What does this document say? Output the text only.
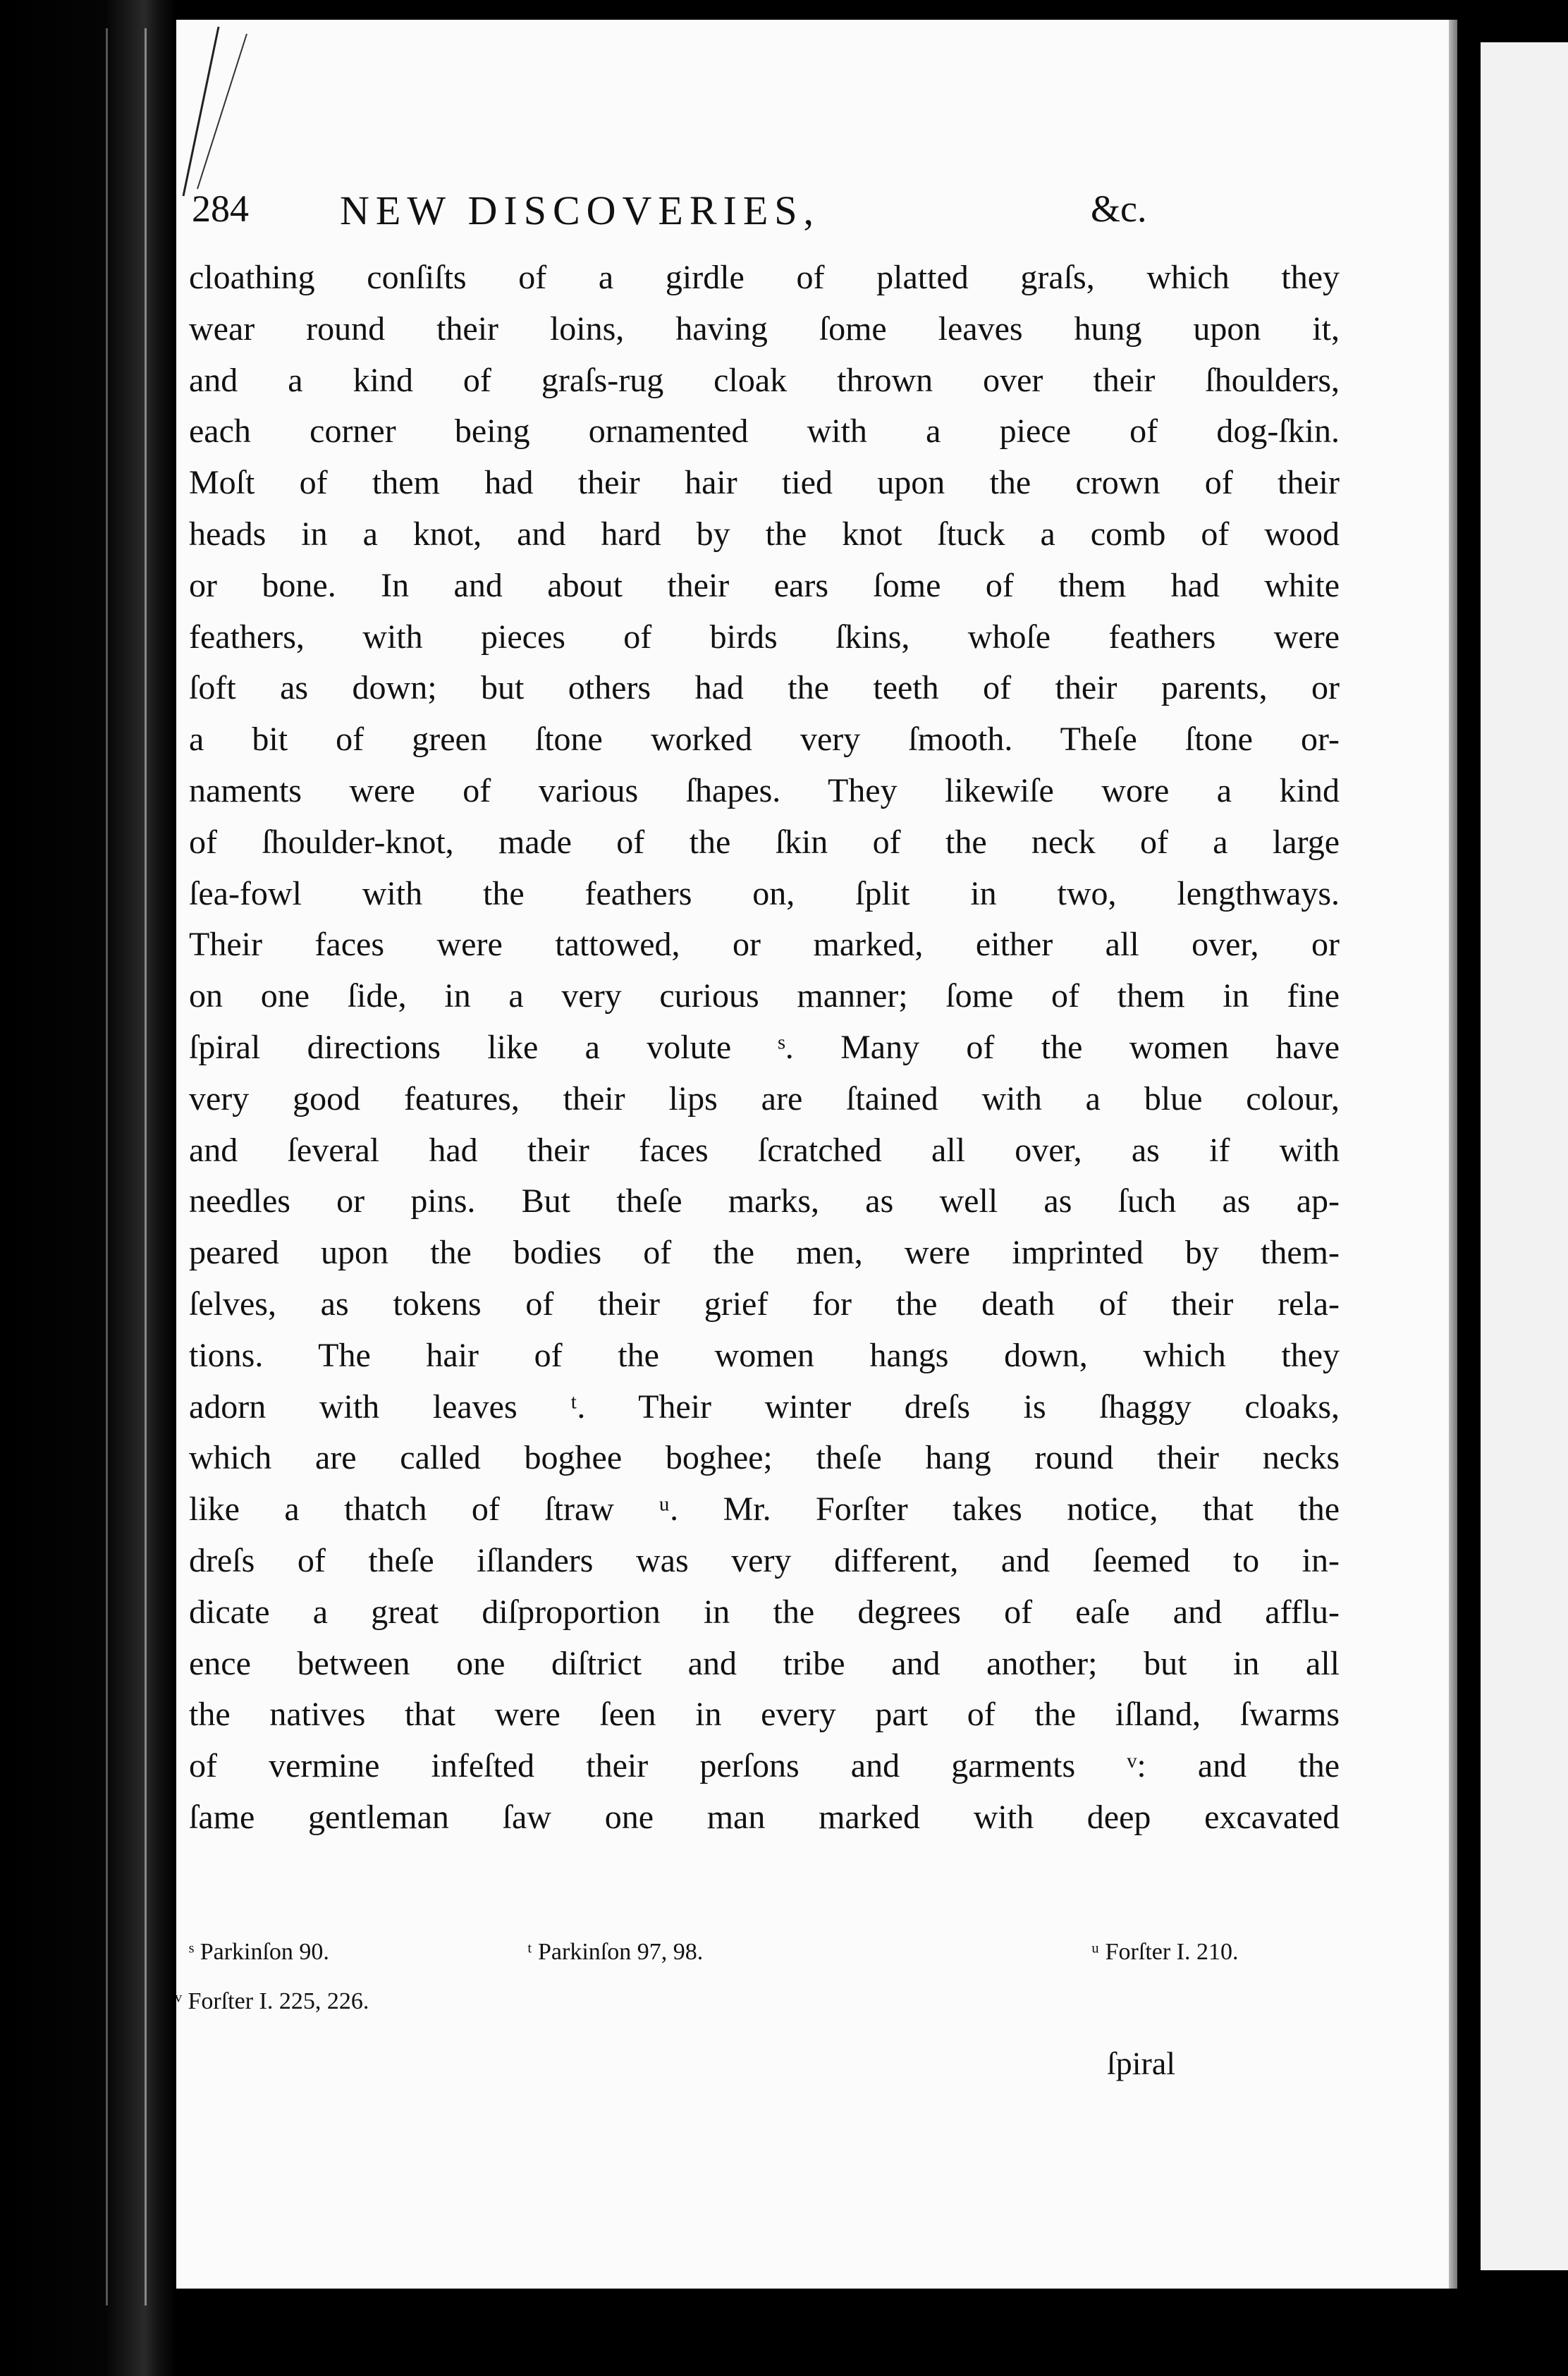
284 NEW DISCOVERIES,	&c.
cloathing conſiſts of a girdle of platted graſs, which they
wear round their loins, having ſome leaves hung upon it,
and a kind of graſs-rug cloak thrown over their ſhoulders,
each corner being ornamented with a piece of dog-ſkin.
Moſt of them had their hair tied upon the crown of their
heads in a knot, and hard by the knot ſtuck a comb of wood
or bone. In and about their ears ſome of them had white
feathers, with pieces of birds ſkins, whoſe feathers were
ſoft as down; but others had the teeth of their parents, or
a bit of green ſtone worked very ſmooth. Theſe ſtone or-
naments were of various ſhapes. They likewiſe wore a kind
of ſhoulder-knot, made of the ſkin of the neck of a large
ſea-fowl with the feathers on, ſplit in two, lengthways.
Their faces were tattowed, or marked, either all over, or
on one ſide, in a very curious manner; ſome of them in fine
ſpiral directions like a volute ˢ. Many of the women have
very good features, their lips are ſtained with a blue colour,
and ſeveral had their faces ſcratched all over, as if with
needles or pins. But theſe marks, as well as ſuch as ap-
peared upon the bodies of the men, were imprinted by them-
ſelves, as tokens of their grief for the death of their rela-
tions. The hair of the women hangs down, which they
adorn with leaves ᵗ. Their winter dreſs is ſhaggy cloaks,
which are called boghee boghee; theſe hang round their necks
like a thatch of ſtraw ᵘ. Mr. Forſter takes notice, that the
dreſs of theſe iſlanders was very different, and ſeemed to in-
dicate a great diſproportion in the degrees of eaſe and afflu-
ence between one diſtrict and tribe and another; but in all
the natives that were ſeen in every part of the iſland, ſwarms
of vermine infeſted their perſons and garments ᵛ: and the
ſame gentleman ſaw one man marked with deep excavated
ˢ Parkinſon 90.	ᵗ Parkinſon 97, 98.	ᵘ Forſter I. 210.
ᵛ Forſter I. 225, 226.
ſpiral
